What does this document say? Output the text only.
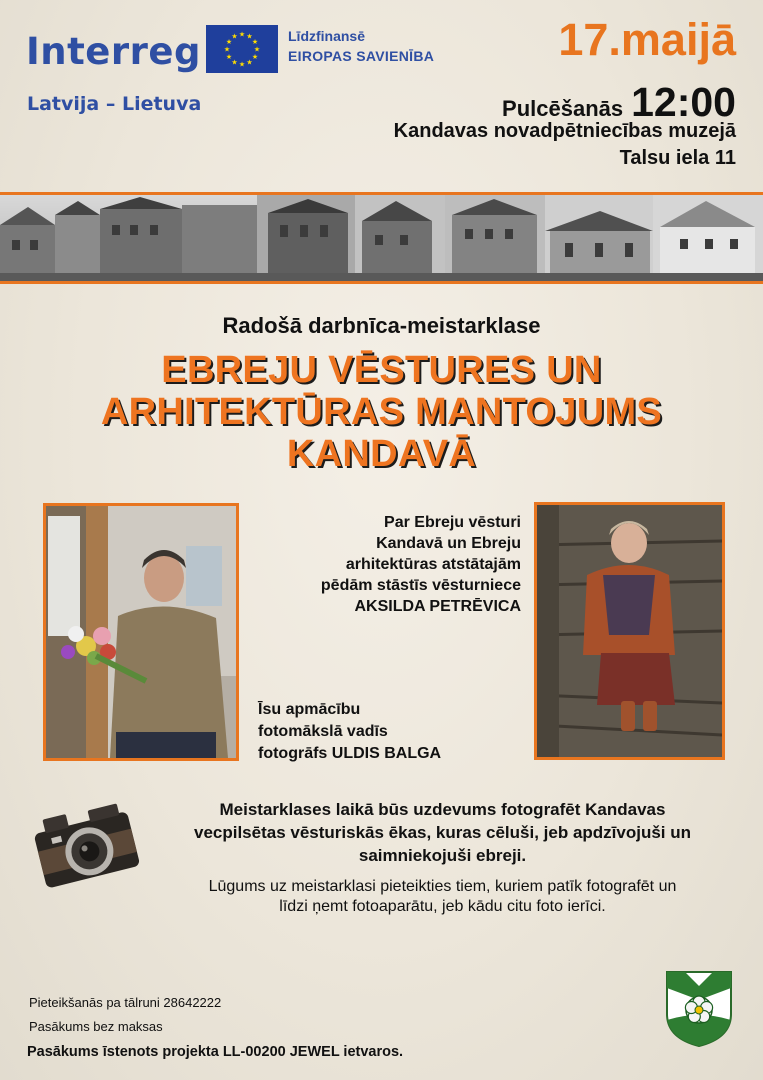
Interreg
Latvija – Lietuva
★
★
★
★
★
★
★
★
★ ★ ★
★ Līdzfinansē
EIROPAS SAVIENĪBA	17.maijā
Pulcēšanās 12:00
Kandavas novadpētniecības muzejā
Talsu iela 11
Radošā darbnīca-meistarklase
EBREJU VĒSTURES UN
ARHITEKTŪRAS MANTOJUMS
KANDAVĀ
Par Ebreju vēsturi
Kandavā un Ebreju
arhitektūras atstātajām
pēdām stāstīs vēsturniece
AKSILDA PETRĒVICA
Īsu apmācību
fotomākslā vadīs
fotogrāfs ULDIS BALGA
Meistarklases laikā būs uzdevums fotografēt Kandavas
vecpilsētas vēsturiskās ēkas, kuras cēluši, jeb apdzīvojuši un
saimniekojuši ebreji.
Lūgums uz meistarklasi pieteikties tiem, kuriem patīk fotografēt un
līdzi ņemt fotoaparātu, jeb kādu citu foto ierīci.
Pieteikšanās pa tālruni 28642222
Pasākums bez maksas
Pasākums īstenots projekta LL-00200 JEWEL ietvaros.
